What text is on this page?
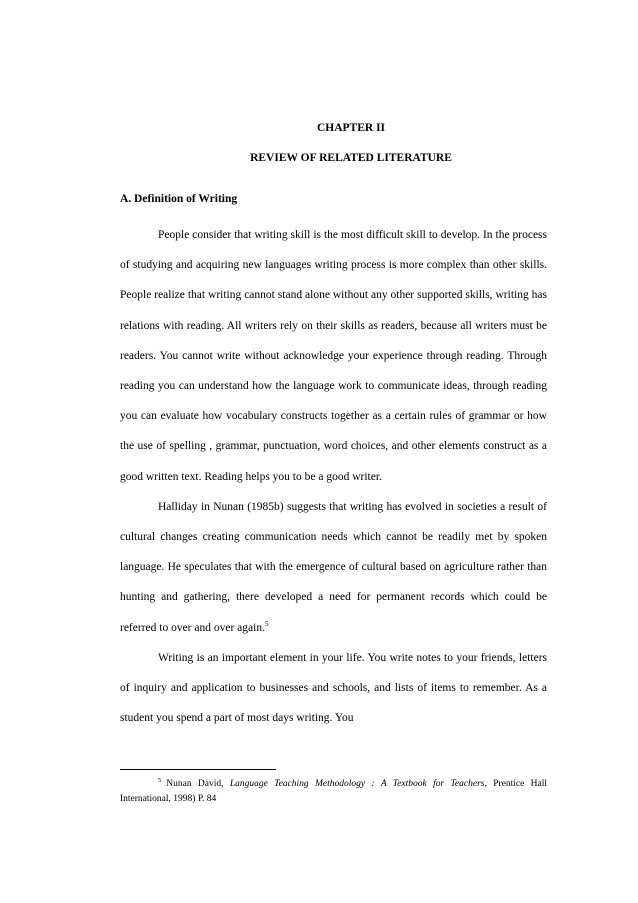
CHAPTER II
REVIEW OF RELATED LITERATURE
A. Definition of Writing

People consider that writing skill is the most difficult skill to develop. In the process of studying and acquiring new languages writing process is more complex than other skills. People realize that writing cannot stand alone without any other supported skills, writing has relations with reading. All writers rely on their skills as readers, because all writers must be readers. You cannot write without acknowledge your experience through reading. Through reading you can understand how the language work to communicate ideas, through reading you can evaluate how vocabulary constructs together as a certain rules of grammar or how the use of spelling , grammar, punctuation, word choices, and other elements construct as a good written text. Reading helps you to be a good writer.

Halliday in Nunan (1985b) suggests that writing has evolved in societies a result of cultural changes creating communication needs which cannot be readily met by spoken language. He speculates that with the emergence of cultural based on agriculture rather than hunting and gathering, there developed a need for permanent records which could be referred to over and over again.$^5$

Writing is an important element in your life. You write notes to your friends, letters of inquiry and application to businesses and schools, and lists of items to remember. As a student you spend a part of most days writing. You

$^5$ Nunan David, Language Teaching Methodology : A Textbook for Teachers, Prentice Hall International, 1998) P. 84
